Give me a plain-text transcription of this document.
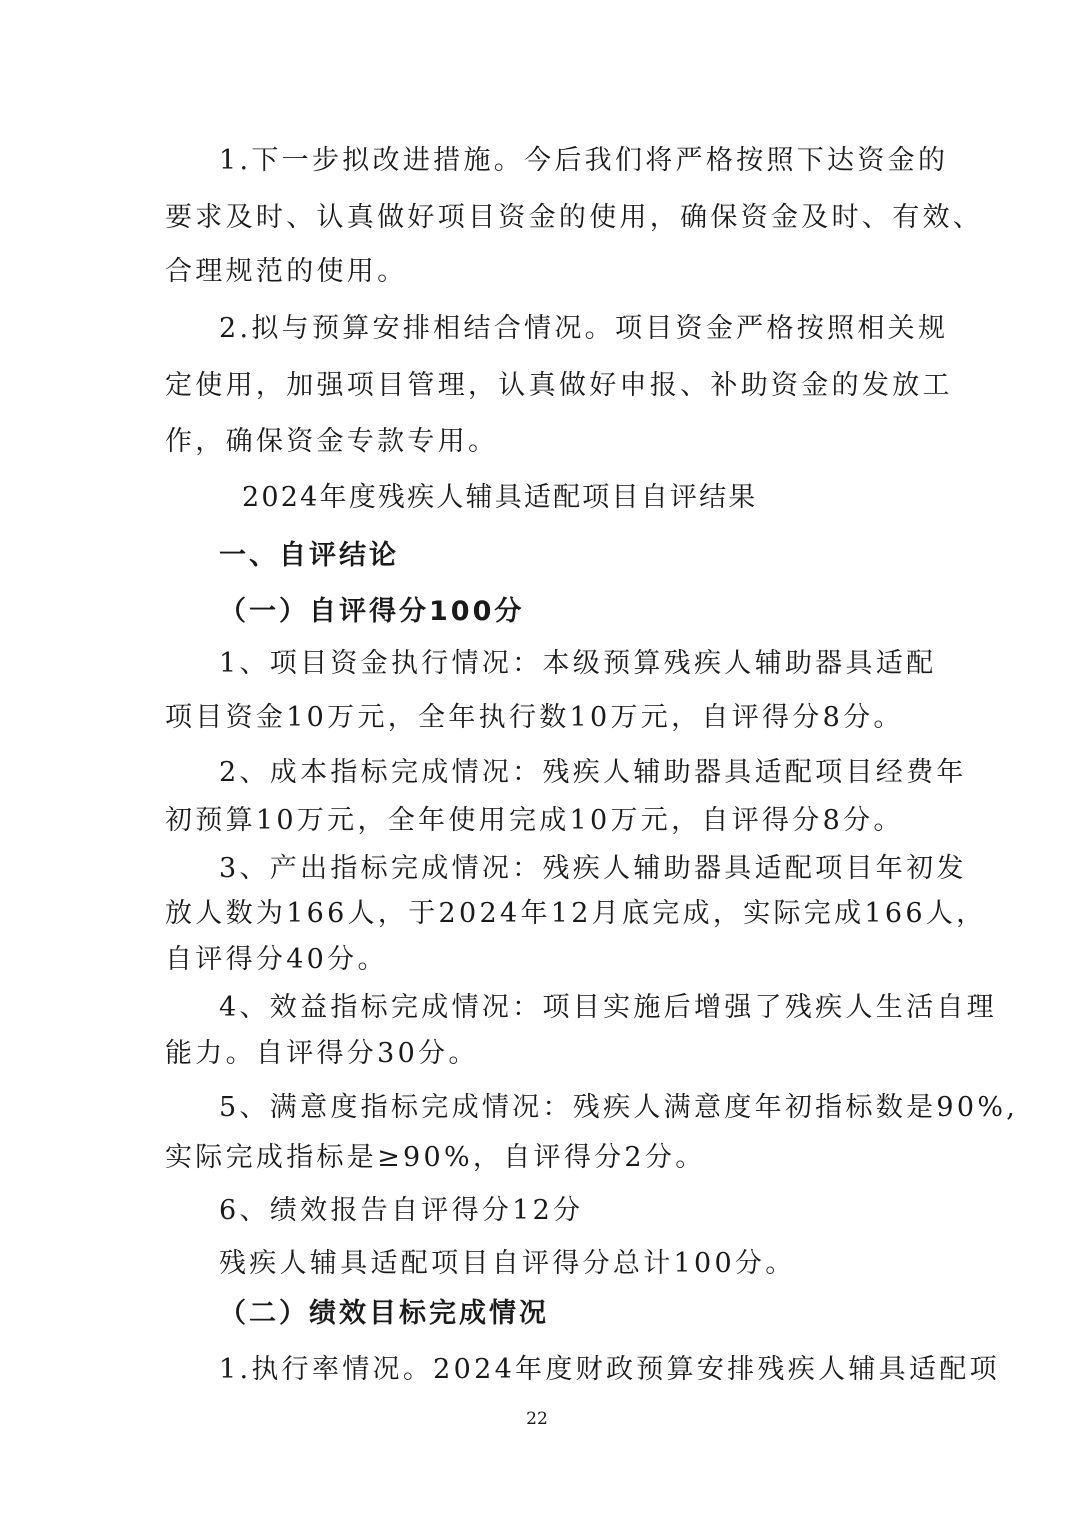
1.下一步拟改进措施。今后我们将严格按照下达资金的
要求及时、认真做好项目资金的使用，确保资金及时、有效、
合理规范的使用。
2.拟与预算安排相结合情况。项目资金严格按照相关规
定使用，加强项目管理，认真做好申报、补助资金的发放工
作，确保资金专款专用。
2024年度残疾人辅具适配项目自评结果
一、自评结论
（一）自评得分100分
1、项目资金执行情况：本级预算残疾人辅助器具适配
项目资金10万元，全年执行数10万元，自评得分8分。
2、成本指标完成情况：残疾人辅助器具适配项目经费年
初预算10万元，全年使用完成10万元，自评得分8分。
3、产出指标完成情况：残疾人辅助器具适配项目年初发
放人数为166人，于2024年12月底完成，实际完成166人，
自评得分40分。
4、效益指标完成情况：项目实施后增强了残疾人生活自理
能力。自评得分30分。
5、满意度指标完成情况：残疾人满意度年初指标数是90%,
实际完成指标是≥90%，自评得分2分。
6、绩效报告自评得分12分
残疾人辅具适配项目自评得分总计100分。
（二）绩效目标完成情况
1.执行率情况。2024年度财政预算安排残疾人辅具适配项
22
